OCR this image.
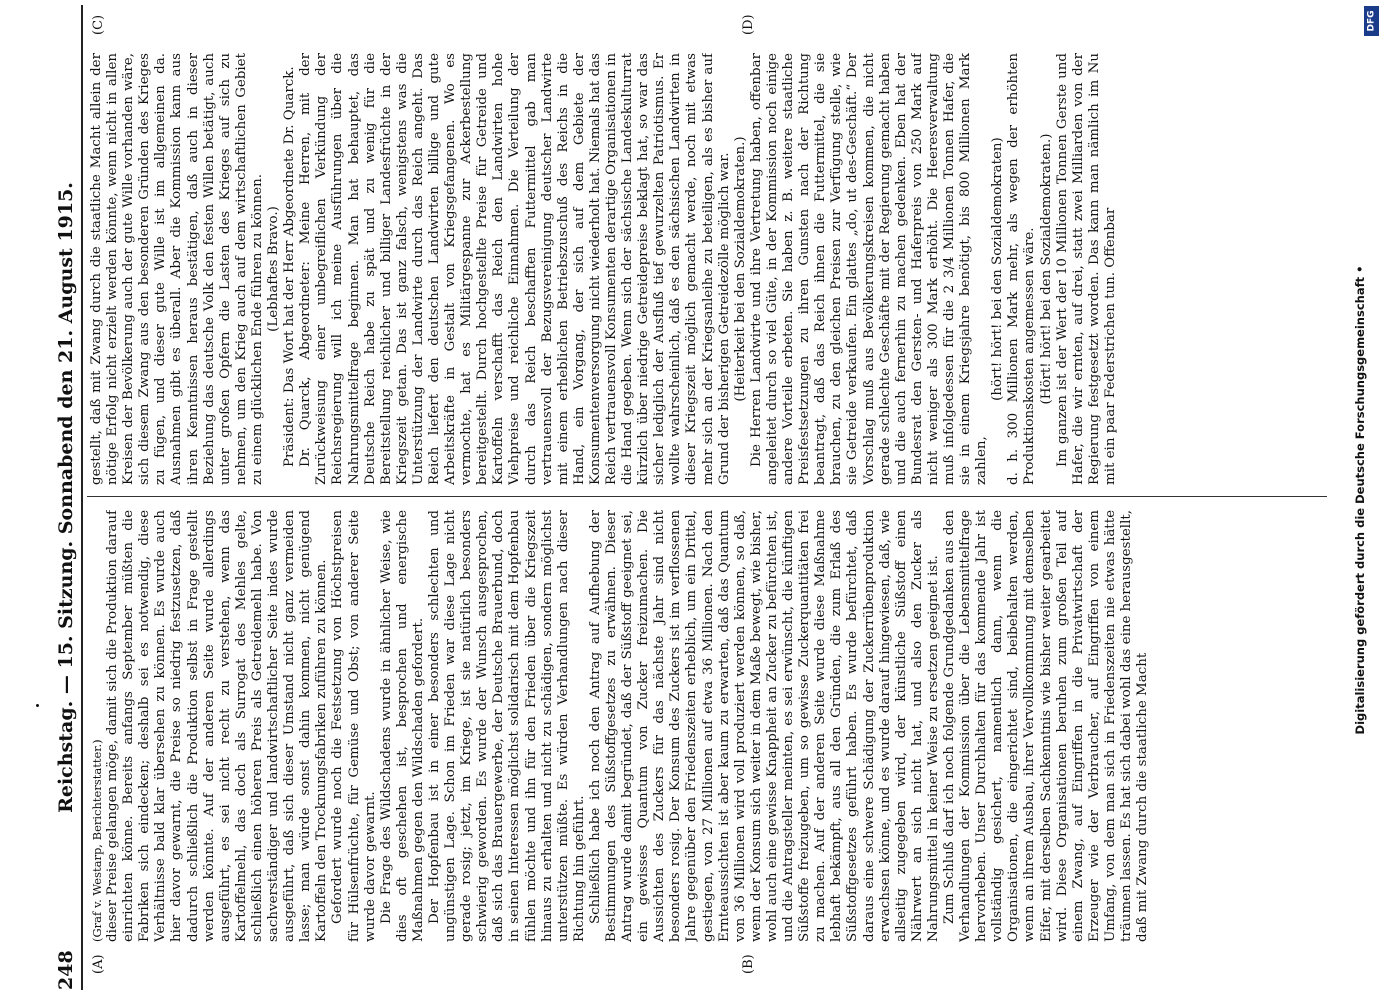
248
Reichstag. — 15. Sitzung. Sonnabend den 21. August 1915.
(A)	(B)
(C)	(D)

(Graf v. Westarp, Berichterstatter.) dieser Preise gelangen möge, damit sich die Produktion darauf einrichten könne. Bereits anfangs September müßten die Fabriken sich eindecken; deshalb sei es notwendig, diese Verhältnisse bald klar übersehen zu können. Es wurde auch hier davor gewarnt, die Preise so niedrig festzusetzen, daß dadurch schließlich die Produktion selbst in Frage gestellt werden könnte. Auf der anderen Seite wurde allerdings ausgeführt, es sei nicht recht zu verstehen, wenn das Kartoffelmehl, das doch als Surrogat des Mehles gelte, schließlich einen höheren Preis als Getreidemehl habe. Von sachverständiger und landwirtschaftlicher Seite indes wurde ausgeführt, daß sich dieser Umstand nicht ganz vermeiden lasse; man würde sonst dahin kommen, nicht genügend Kartoffeln den Trocknungsfabriken zuführen zu können. Gefordert wurde noch die Festsetzung von Höchstpreisen für Hülsenfrüchte, für Gemüse und Obst; von anderer Seite wurde davor gewarnt. Die Frage des Wildschadens wurde in ähnlicher Weise, wie dies oft geschehen ist, besprochen und energische Maßnahmen gegen den Wildschaden gefordert. Der Hopfenbau ist in einer besonders schlechten und ungünstigen Lage. Schon im Frieden war diese Lage nicht gerade rosig; jetzt, im Kriege, ist sie natürlich besonders schwierig geworden. Es wurde der Wunsch ausgesprochen, daß sich das Brauergewerbe, der Deutsche Brauerbund, doch in seinen Interessen möglichst solidarisch mit dem Hopfenbau fühlen möchte und ihn für den Frieden über die Kriegszeit hinaus zu erhalten und nicht zu schädigen, sondern möglichst unterstützen müßte. Es würden Verhandlungen nach dieser Richtung hin geführt. Schließlich habe ich noch den Antrag auf Aufhebung der Bestimmungen des Süßstoffgesetzes zu erwähnen. Dieser Antrag wurde damit begründet, daß der Süßstoff geeignet sei, ein gewisses Quantum von Zucker freizumachen. Die Aussichten des Zuckers für das nächste Jahr sind nicht besonders rosig. Der Konsum des Zuckers ist im verflossenen Jahre gegenüber den Friedenszeiten erheblich, um ein Drittel, gestiegen, von 27 Millionen auf etwa 36 Millionen. Nach den Ernteaussichten ist aber kaum zu erwarten, daß das Quantum von 36 Millionen wird voll produziert werden können, so daß, wenn der Konsum sich weiter in dem Maße bewegt, wie bisher, wohl auch eine gewisse Knappheit an Zucker zu befürchten ist, und die Antragsteller meinten, es sei erwünscht, die künftigen Süßstoffe freizugeben, um so gewisse Zuckerquantitäten frei zu machen. Auf der anderen Seite wurde diese Maßnahme lebhaft bekämpft, aus all den Gründen, die zum Erlaß des Süßstoffgesetzes geführt haben. Es wurde befürchtet, daß daraus eine schwere Schädigung der Zuckerrübenproduktion erwachsen könne, und es wurde darauf hingewiesen, daß, wie allseitig zugegeben wird, der künstliche Süßstoff einen Nährwert an sich nicht hat, und also den Zucker als Nahrungsmittel in keiner Weise zu ersetzen geeignet ist. Zum Schluß darf ich noch folgende Grundgedanken aus den Verhandlungen der Kommission über die Lebensmittelfrage hervorheben. Unser Durchhalten für das kommende Jahr ist vollständig gesichert, namentlich dann, wenn die Organisationen, die eingerichtet sind, beibehalten werden, wenn an ihrem Ausbau, ihrer Vervollkommnung mit demselben Eifer, mit derselben Sachkenntnis wie bisher weiter gearbeitet wird. Diese Organisationen beruhen zum großen Teil auf einem Zwang, auf Eingriffen in die Privatwirtschaft der Erzeuger wie der Verbraucher, auf Eingriffen von einem Umfang, von dem man sich in Friedenszeiten nie etwas hätte träumen lassen. Es hat sich dabei wohl das eine herausgestellt, daß mit Zwang durch die staatliche Macht

gestellt, daß mit Zwang durch die staatliche Macht allein der nötige Erfolg nicht erzielt werden könnte, wenn nicht in allen Kreisen der Bevölkerung auch der gute Wille vorhanden wäre, sich diesem Zwang aus den besonderen Gründen des Krieges zu fügen, und dieser gute Wille ist im allgemeinen da. Ausnahmen gibt es überall. Aber die Kommission kann aus ihren Kenntnissen heraus bestätigen, daß auch in dieser Beziehung das deutsche Volk den festen Willen betätigt, auch unter großen Opfern die Lasten des Krieges auf sich zu nehmen, um den Krieg auch auf dem wirtschaftlichen Gebiet zu einem glücklichen Ende führen zu können. (Lebhaftes Bravo.) Präsident: Das Wort hat der Herr Abgeordnete Dr. Quarck. Dr. Quarck, Abgeordneter: Meine Herren, mit der Zurückweisung einer unbegreiflichen Verkündung der Reichsregierung will ich meine Ausführungen über die Nahrungsmittelfrage beginnen. Man hat behauptet, das Deutsche Reich habe zu spät und zu wenig für die Bereitstellung reichlicher und billiger Landesfrüchte in der Kriegszeit getan. Das ist ganz falsch, wenigstens was die Unterstützung der Landwirte durch das Reich angeht. Das Reich liefert den deutschen Landwirten billige und gute Arbeitskräfte in Gestalt von Kriegsgefangenen. Wo es vermochte, hat es Militärgespanne zur Ackerbestellung bereitgestellt. Durch hochgestellte Preise für Getreide und Kartoffeln verschafft das Reich den Landwirten hohe Viehpreise und reichliche Einnahmen. Die Verteilung der durch das Reich beschafften Futtermittel gab man vertrauensvoll der Bezugsvereinigung deutscher Landwirte mit einem erheblichen Betriebszuschuß des Reichs in die Hand, ein Vorgang, der sich auf dem Gebiete der Konsumentenversorgung nicht wiederholt hat. Niemals hat das Reich vertrauensvoll Konsumenten derartige Organisationen in die Hand gegeben. Wenn sich der sächsische Landeskulturrat kürzlich über niedrige Getreidepreise beklagt hat, so war das sicher lediglich der Ausfluß tief gewurzelten Patriotismus. Er wollte wahrscheinlich, daß es den sächsischen Landwirten in dieser Kriegszeit möglich gemacht werde, noch mit etwas mehr sich an der Kriegsanleihe zu beteiligen, als es bisher auf Grund der bisherigen Getreidezölle möglich war. (Heiterkeit bei den Sozialdemokraten.) Die Herren Landwirte und ihre Vertretung haben, offenbar angeleitet durch so viel Güte, in der Kommission noch einige andere Vorteile erbeten. Sie haben z. B. weitere staatliche Preisfestsetzungen zu ihren Gunsten nach der Richtung beantragt, daß das Reich ihnen die Futtermittel, die sie brauchen, zu den gleichen Preisen zur Verfügung stelle, wie sie Getreide verkaufen. Ein glattes „do, ut des-Geschäft.“ Der Vorschlag muß aus Bevölkerungskreisen kommen, die nicht gerade schlechte Geschäfte mit der Regierung gemacht haben und die auch fernerhin zu machen gedenken. Eben hat der Bundesrat den Gersten- und Haferpreis von 250 Mark auf nicht weniger als 300 Mark erhöht. Die Heeresverwaltung muß infolgedessen für die 2 3/4 Millionen Tonnen Hafer, die sie in einem Kriegsjahre benötigt, bis 800 Millionen Mark zahlen,

(hört! hört! bei den Sozialdemokraten) d. h. 300 Millionen Mark mehr, als wegen der erhöhten Produktionskosten angemessen wäre. (Hört! hört! bei den Sozialdemokraten.) Im ganzen ist der Wert der 10 Millionen Tonnen Gerste und Hafer, die wir ernten, auf drei, statt zwei Milliarden von der Regierung festgesetzt worden. Das kann man nämlich im Nu mit ein paar Federstrichen tun. Offenbar	Digitalisierung gefördert durch die Deutsche Forschungsgemeinschaft •
DFG
